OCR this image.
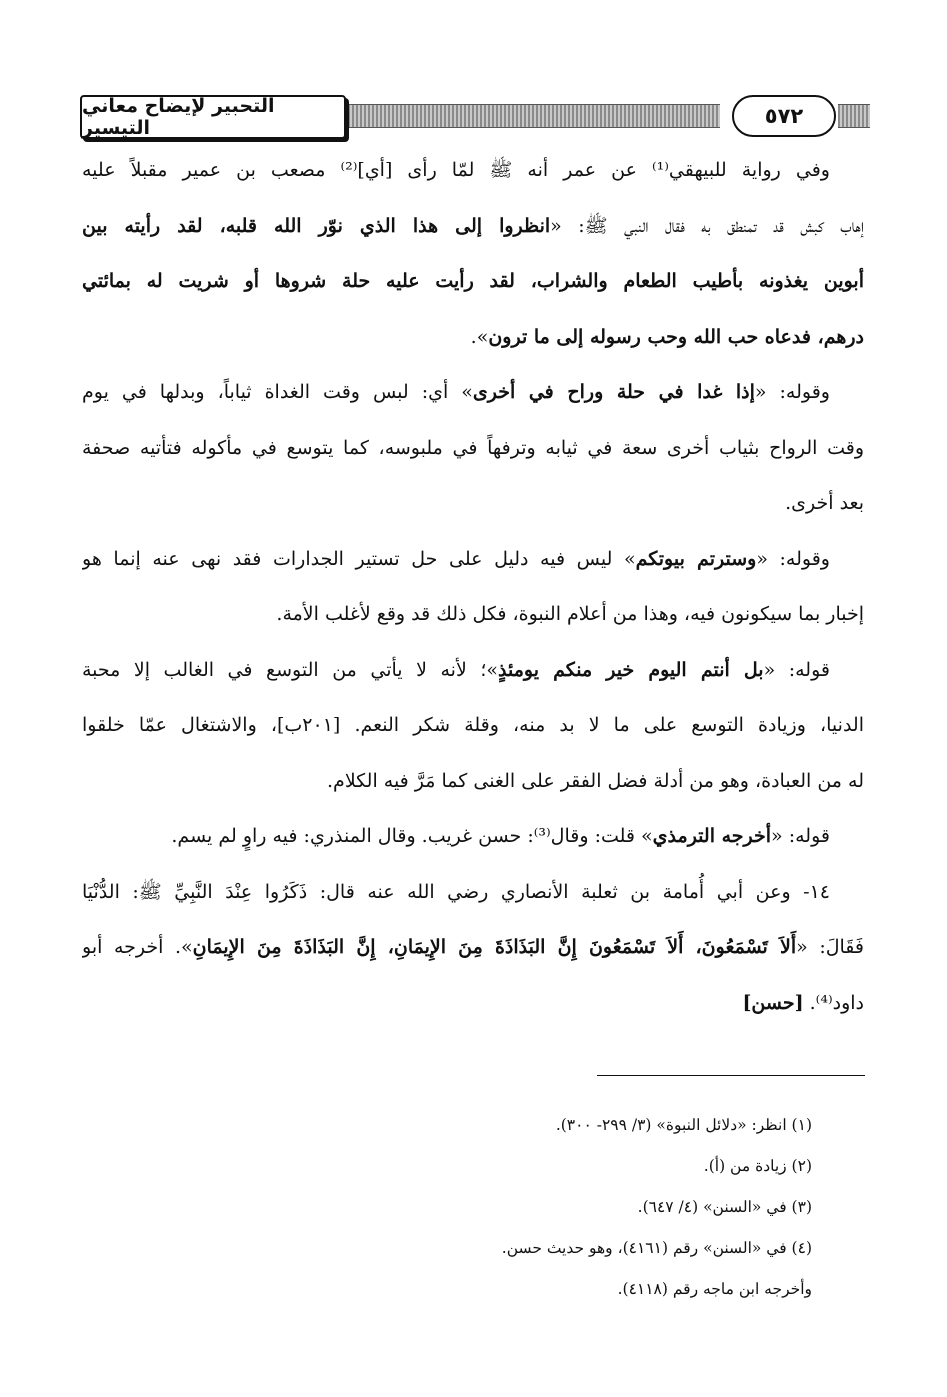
التحبير لإيضاح معاني التيسير	٥٧٢
وفي رواية للبيهقي⁽¹⁾ عن عمر أنه ﷺ لمّا رأى [أي]⁽²⁾ مصعب بن عمير مقبلاً عليه
إهاب كبش قد تمنطق به فقال النبي ﷺ: «انظروا إلى هذا الذي نوّر الله قلبه، لقد رأيته بين
أبوين يغذونه بأطيب الطعام والشراب، لقد رأيت عليه حلة شروها أو شريت له بمائتي
درهم، فدعاه حب الله وحب رسوله إلى ما ترون».
وقوله: «إذا غدا في حلة وراح في أخرى» أي: لبس وقت الغداة ثياباً، وبدلها في يوم
وقت الرواح بثياب أخرى سعة في ثيابه وترفهاً في ملبوسه، كما يتوسع في مأكوله فتأتيه صحفة
بعد أخرى.
وقوله: «وسترتم بيوتكم» ليس فيه دليل على حل تستير الجدارات فقد نهى عنه إنما هو
إخبار بما سيكونون فيه، وهذا من أعلام النبوة، فكل ذلك قد وقع لأغلب الأمة.
قوله: «بل أنتم اليوم خير منكم يومئذٍ»؛ لأنه لا يأتي من التوسع في الغالب إلا محبة
الدنيا، وزيادة التوسع على ما لا بد منه، وقلة شكر النعم. [٢٠١ب]، والاشتغال عمّا خلقوا
له من العبادة، وهو من أدلة فضل الفقر على الغنى كما مَرَّ فيه الكلام.
قوله: «أخرجه الترمذي» قلت: وقال⁽³⁾: حسن غريب. وقال المنذري: فيه راوٍ لم يسم.
١٤- وعن أبي أُمامة بن ثعلبة الأنصاري رضي الله عنه قال: ذَكَرُوا عِنْدَ النَّبِيِّ ﷺ: الدُّنْيَا
فَقَالَ: «أَلاَ تَسْمَعُونَ، أَلاَ تَسْمَعُونَ إِنَّ البَذَاذَةَ مِنَ الإِيمَانِ، إِنَّ البَذَاذَةَ مِنَ الإِيمَانِ». أخرجه أبو
داود⁽⁴⁾. [حسن]
(١) انظر: «دلائل النبوة» (٣/ ٢٩٩- ٣٠٠).
(٢) زيادة من (أ).
(٣) في «السنن» (٤/ ٦٤٧).
(٤) في «السنن» رقم (٤١٦١)، وهو حديث حسن.
وأخرجه ابن ماجه رقم (٤١١٨).
